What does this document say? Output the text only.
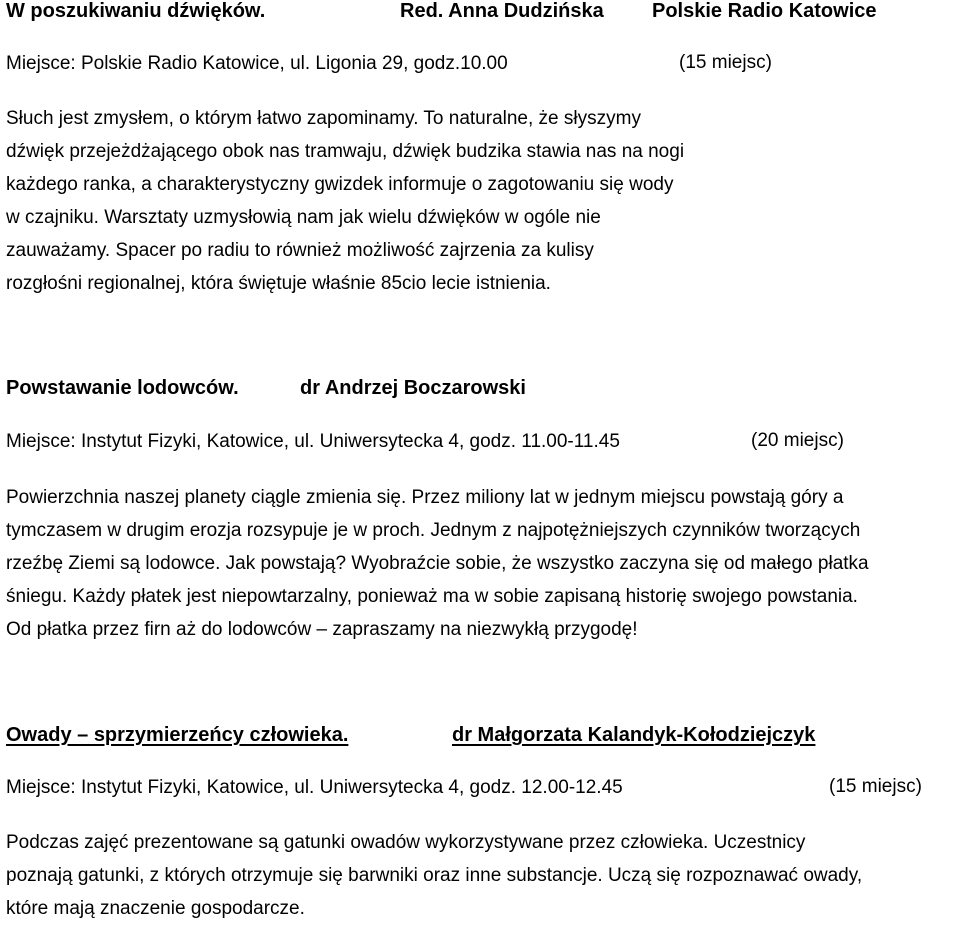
W poszukiwaniu dźwięków.	Red. Anna Dudzińska Polskie Radio Katowice
Miejsce: Polskie Radio Katowice, ul. Ligonia 29, godz.10.00	(15 miejsc)
Słuch jest zmysłem, o którym łatwo zapominamy. To naturalne, że słyszymy
dźwięk przejeżdżającego obok nas tramwaju, dźwięk budzika stawia nas na nogi
każdego ranka, a charakterystyczny gwizdek informuje o zagotowaniu się wody
w czajniku. Warsztaty uzmysłowią nam jak wielu dźwięków w ogóle nie
zauważamy. Spacer po radiu to również możliwość zajrzenia za kulisy
rozgłośni regionalnej, która świętuje właśnie 85cio lecie istnienia.
Powstawanie lodowców.	dr Andrzej Boczarowski
Miejsce: Instytut Fizyki, Katowice, ul. Uniwersytecka 4, godz. 11.00-11.45	(20 miejsc)
Powierzchnia naszej planety ciągle zmienia się. Przez miliony lat w jednym miejscu powstają góry a
tymczasem w drugim erozja rozsypuje je w proch. Jednym z najpotężniejszych czynników tworzących
rzeźbę Ziemi są lodowce. Jak powstają? Wyobraźcie sobie, że wszystko zaczyna się od małego płatka
śniegu. Każdy płatek jest niepowtarzalny, ponieważ ma w sobie zapisaną historię swojego powstania.
Od płatka przez firn aż do lodowców – zapraszamy na niezwykłą przygodę!
Owady – sprzymierzeńcy człowieka.	dr Małgorzata Kalandyk-Kołodziejczyk
Miejsce: Instytut Fizyki, Katowice, ul. Uniwersytecka 4, godz. 12.00-12.45	(15 miejsc)
Podczas zajęć prezentowane są gatunki owadów wykorzystywane przez człowieka. Uczestnicy
poznają gatunki, z których otrzymuje się barwniki oraz inne substancje. Uczą się rozpoznawać owady,
które mają znaczenie gospodarcze.
